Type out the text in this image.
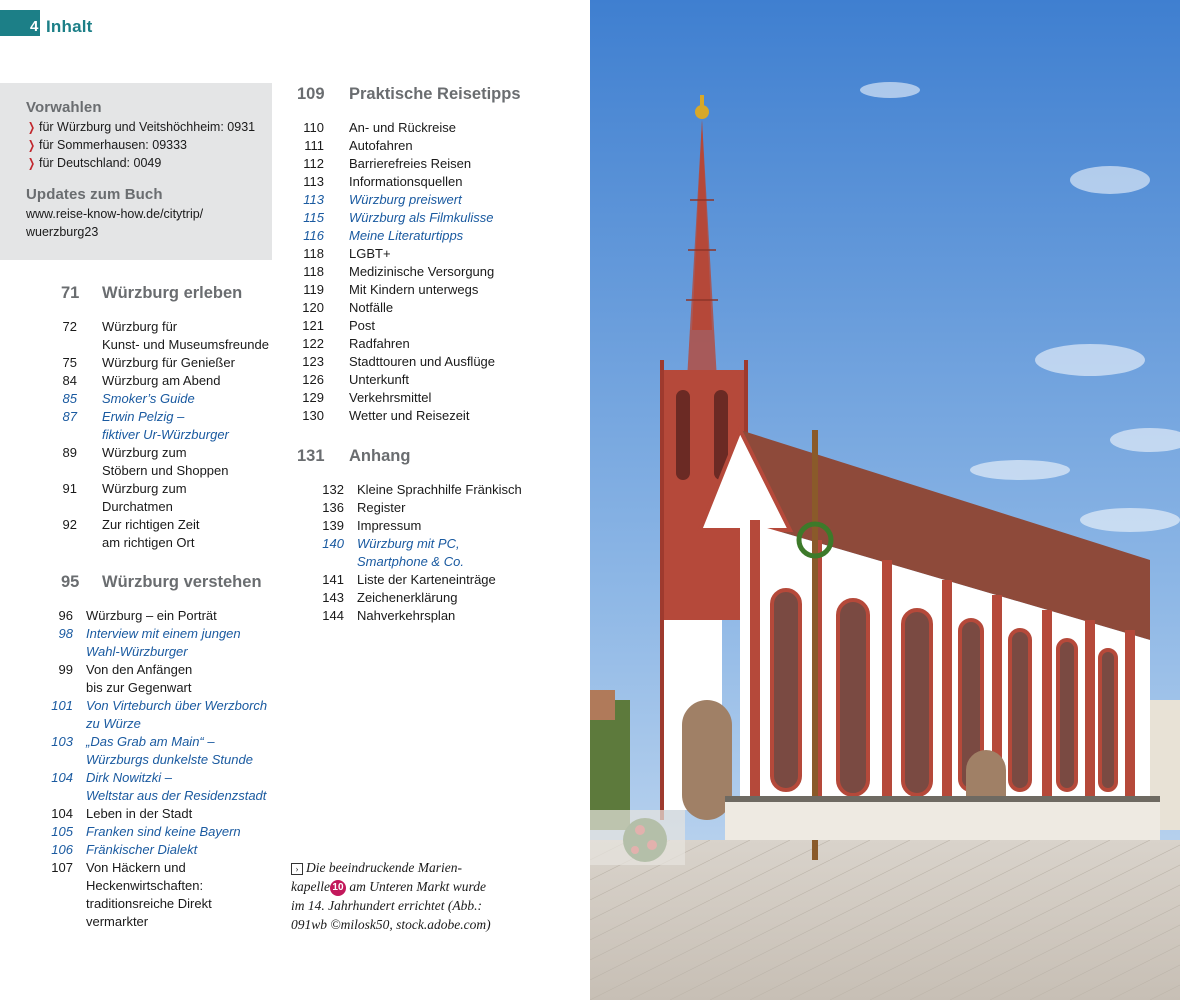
4 Inhalt
Vorwahlen
❯ für Würzburg und Veitshöchheim: 0931
❯ für Sommerhausen: 09333
❯ für Deutschland: 0049
Updates zum Buch
www.reise-know-how.de/citytrip/
wuerzburg23
71	Würzburg erleben
72 Würzburg für
Kunst- und Museumsfreunde
75 Würzburg für Genießer
84 Würzburg am Abend
85 Smoker’s Guide
87 Erwin Pelzig –
fiktiver Ur-Würzburger
89 Würzburg zum
Stöbern und Shoppen
91 Würzburg zum
Durchatmen
92 Zur richtigen Zeit
am richtigen Ort
95	Würzburg verstehen
96 Würzburg – ein Porträt
98 Interview mit einem jungen
Wahl-Würzburger
99 Von den Anfängen
bis zur Gegenwart
101 Von Virteburch über Werzborch
zu Würze
103 „Das Grab am Main“ –
Würzburgs dunkelste Stunde
104 Dirk Nowitzki –
Weltstar aus der Residenzstadt
104 Leben in der Stadt
105 Franken sind keine Bayern
106 Fränkischer Dialekt
107 Von Häckern und
Heckenwirtschaften:
traditionsreiche Direkt
vermarkter
109	Praktische Reisetipps
110 An- und Rückreise
111 Autofahren
112 Barrierefreies Reisen
113 Informationsquellen
113 Würzburg preiswert
115 Würzburg als Filmkulisse
116 Meine Literaturtipps
118 LGBT+
118 Medizinische Versorgung
119 Mit Kindern unterwegs
120 Notfälle
121 Post
122 Radfahren
123 Stadttouren und Ausflüge
126 Unterkunft
129 Verkehrsmittel
130 Wetter und Reisezeit
131	Anhang
132 Kleine Sprachhilfe Fränkisch
136 Register
139 Impressum
140 Würzburg mit PC,
Smartphone & Co.
141 Liste der Karteneinträge
143 Zeichenerklärung
144 Nahverkehrsplan
› Die beeindruckende Marien-
kapelle 10 am Unteren Markt wurde
im 14. Jahrhundert errichtet (Abb.:
091wb ©milosk50, stock.adobe.com)
